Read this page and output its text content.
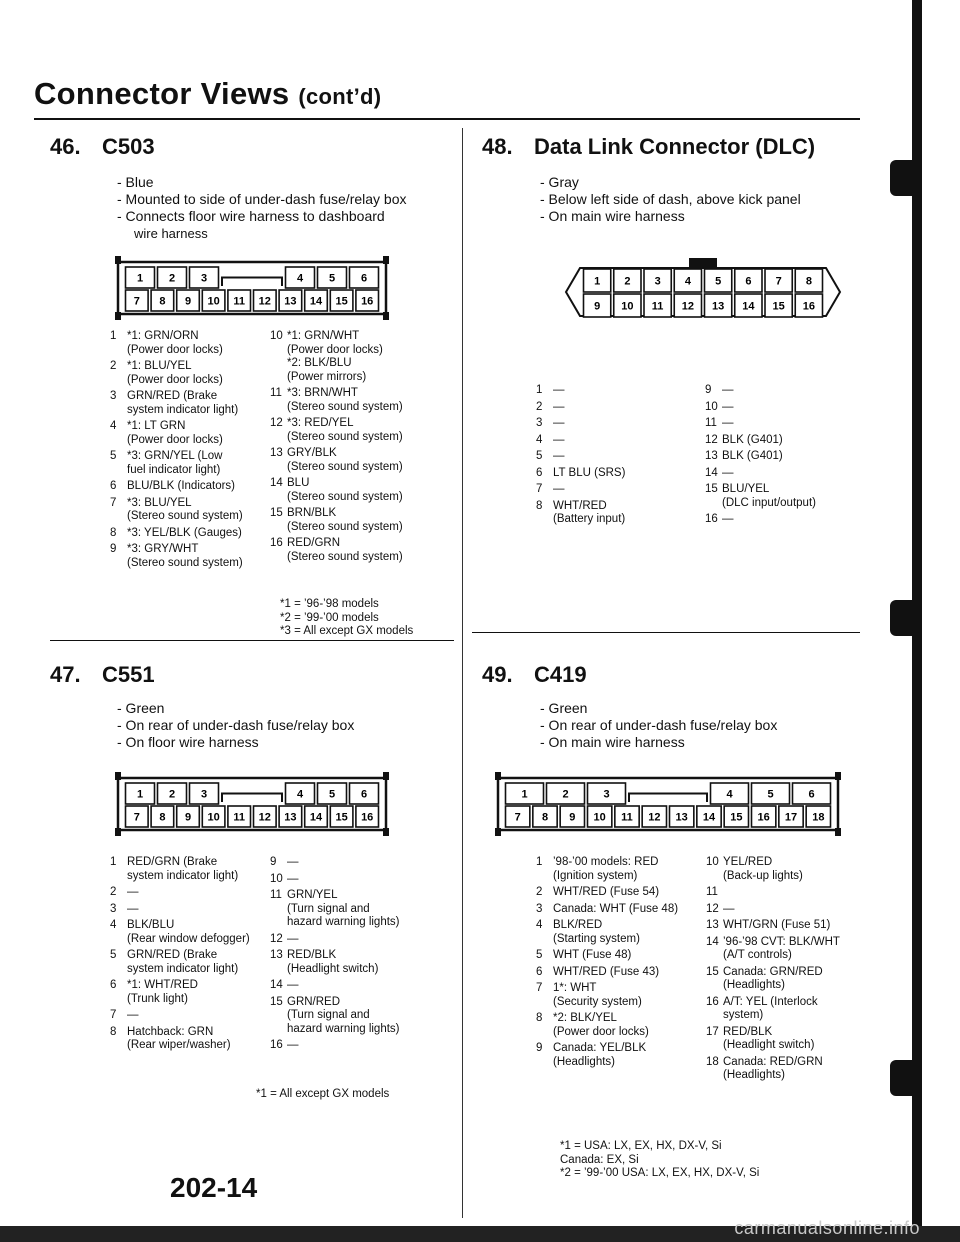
Connector Views (cont’d)
46. C503
- Blue
- Mounted to side of under-dash fuse/relay box
- Connects floor wire harness to dashboard
wire harness
1 2 3	4 5 6
7 8 9 10 11 12 13 14 15 16
1 *1: GRN/ORN
(Power door locks)
2 *1: BLU/YEL
(Power door locks)
3 GRN/RED (Brake
system indicator light)
4 *1: LT GRN
(Power door locks)
5 *3: GRN/YEL (Low
fuel indicator light)
6 BLU/BLK (Indicators)
7 *3: BLU/YEL
(Stereo sound system)
8 *3: YEL/BLK (Gauges)
9 *3: GRY/WHT
(Stereo sound system)
10 *1: GRN/WHT
(Power door locks)
*2: BLK/BLU
(Power mirrors)
11 *3: BRN/WHT
(Stereo sound system)
12 *3: RED/YEL
(Stereo sound system)
13 GRY/BLK
(Stereo sound system)
14 BLU
(Stereo sound system)
15 BRN/BLK
(Stereo sound system)
16 RED/GRN
(Stereo sound system)
*1 = ’96-’98 models
*2 = ’99-’00 models
*3 = All except GX models
47. C551
- Green
- On rear of under-dash fuse/relay box
- On floor wire harness
1 2 3	4 5 6
7 8 9 10 11 12 13 14 15 16
1 RED/GRN (Brake
system indicator light)
2 —
3 —
4 BLK/BLU
(Rear window defogger)
5 GRN/RED (Brake
system indicator light)
6 *1: WHT/RED
(Trunk light)
7 —
8 Hatchback: GRN
(Rear wiper/washer)
9 —
10 —
11 GRN/YEL
(Turn signal and
hazard warning lights)
12 —
13 RED/BLK
(Headlight switch)
14 —
15 GRN/RED
(Turn signal and
hazard warning lights)
16 —
*1 = All except GX models
48. Data Link Connector (DLC)
- Gray
- Below left side of dash, above kick panel
- On main wire harness
1 2 3 4 5 6 7 8
9 10 11 12 13 14 15 16
1 —
2 —
3 —
4 —
5 —
6 LT BLU (SRS)
7 —
8 WHT/RED
(Battery input)
9 —
10 —
11 —
12 BLK (G401)
13 BLK (G401)
14 —
15 BLU/YEL
(DLC input/output)
16 —
49. C419
- Green
- On rear of under-dash fuse/relay box
- On main wire harness
1	2	3	4	5	6
7 8 9 10 11 12 13 14 15 16 17 18
1 ’98-’00 models: RED
(Ignition system)
2 WHT/RED (Fuse 54)
3 Canada: WHT (Fuse 48)
4 BLK/RED
(Starting system)
5 WHT (Fuse 48)
6 WHT/RED (Fuse 43)
7 1*: WHT
(Security system)
8 *2: BLK/YEL
(Power door locks)
9 Canada: YEL/BLK
(Headlights)
10 YEL/RED
(Back-up lights)
11
12 —
13 WHT/GRN (Fuse 51)
14 ’96-’98 CVT: BLK/WHT
(A/T controls)
15 Canada: GRN/RED
(Headlights)
16 A/T: YEL (Interlock
system)
17 RED/BLK
(Headlight switch)
18 Canada: RED/GRN
(Headlights)
*1 = USA: LX, EX, HX, DX-V, Si
Canada: EX, Si
*2 = ’99-’00 USA: LX, EX, HX, DX-V, Si
202-14
carmanualsonline.info
